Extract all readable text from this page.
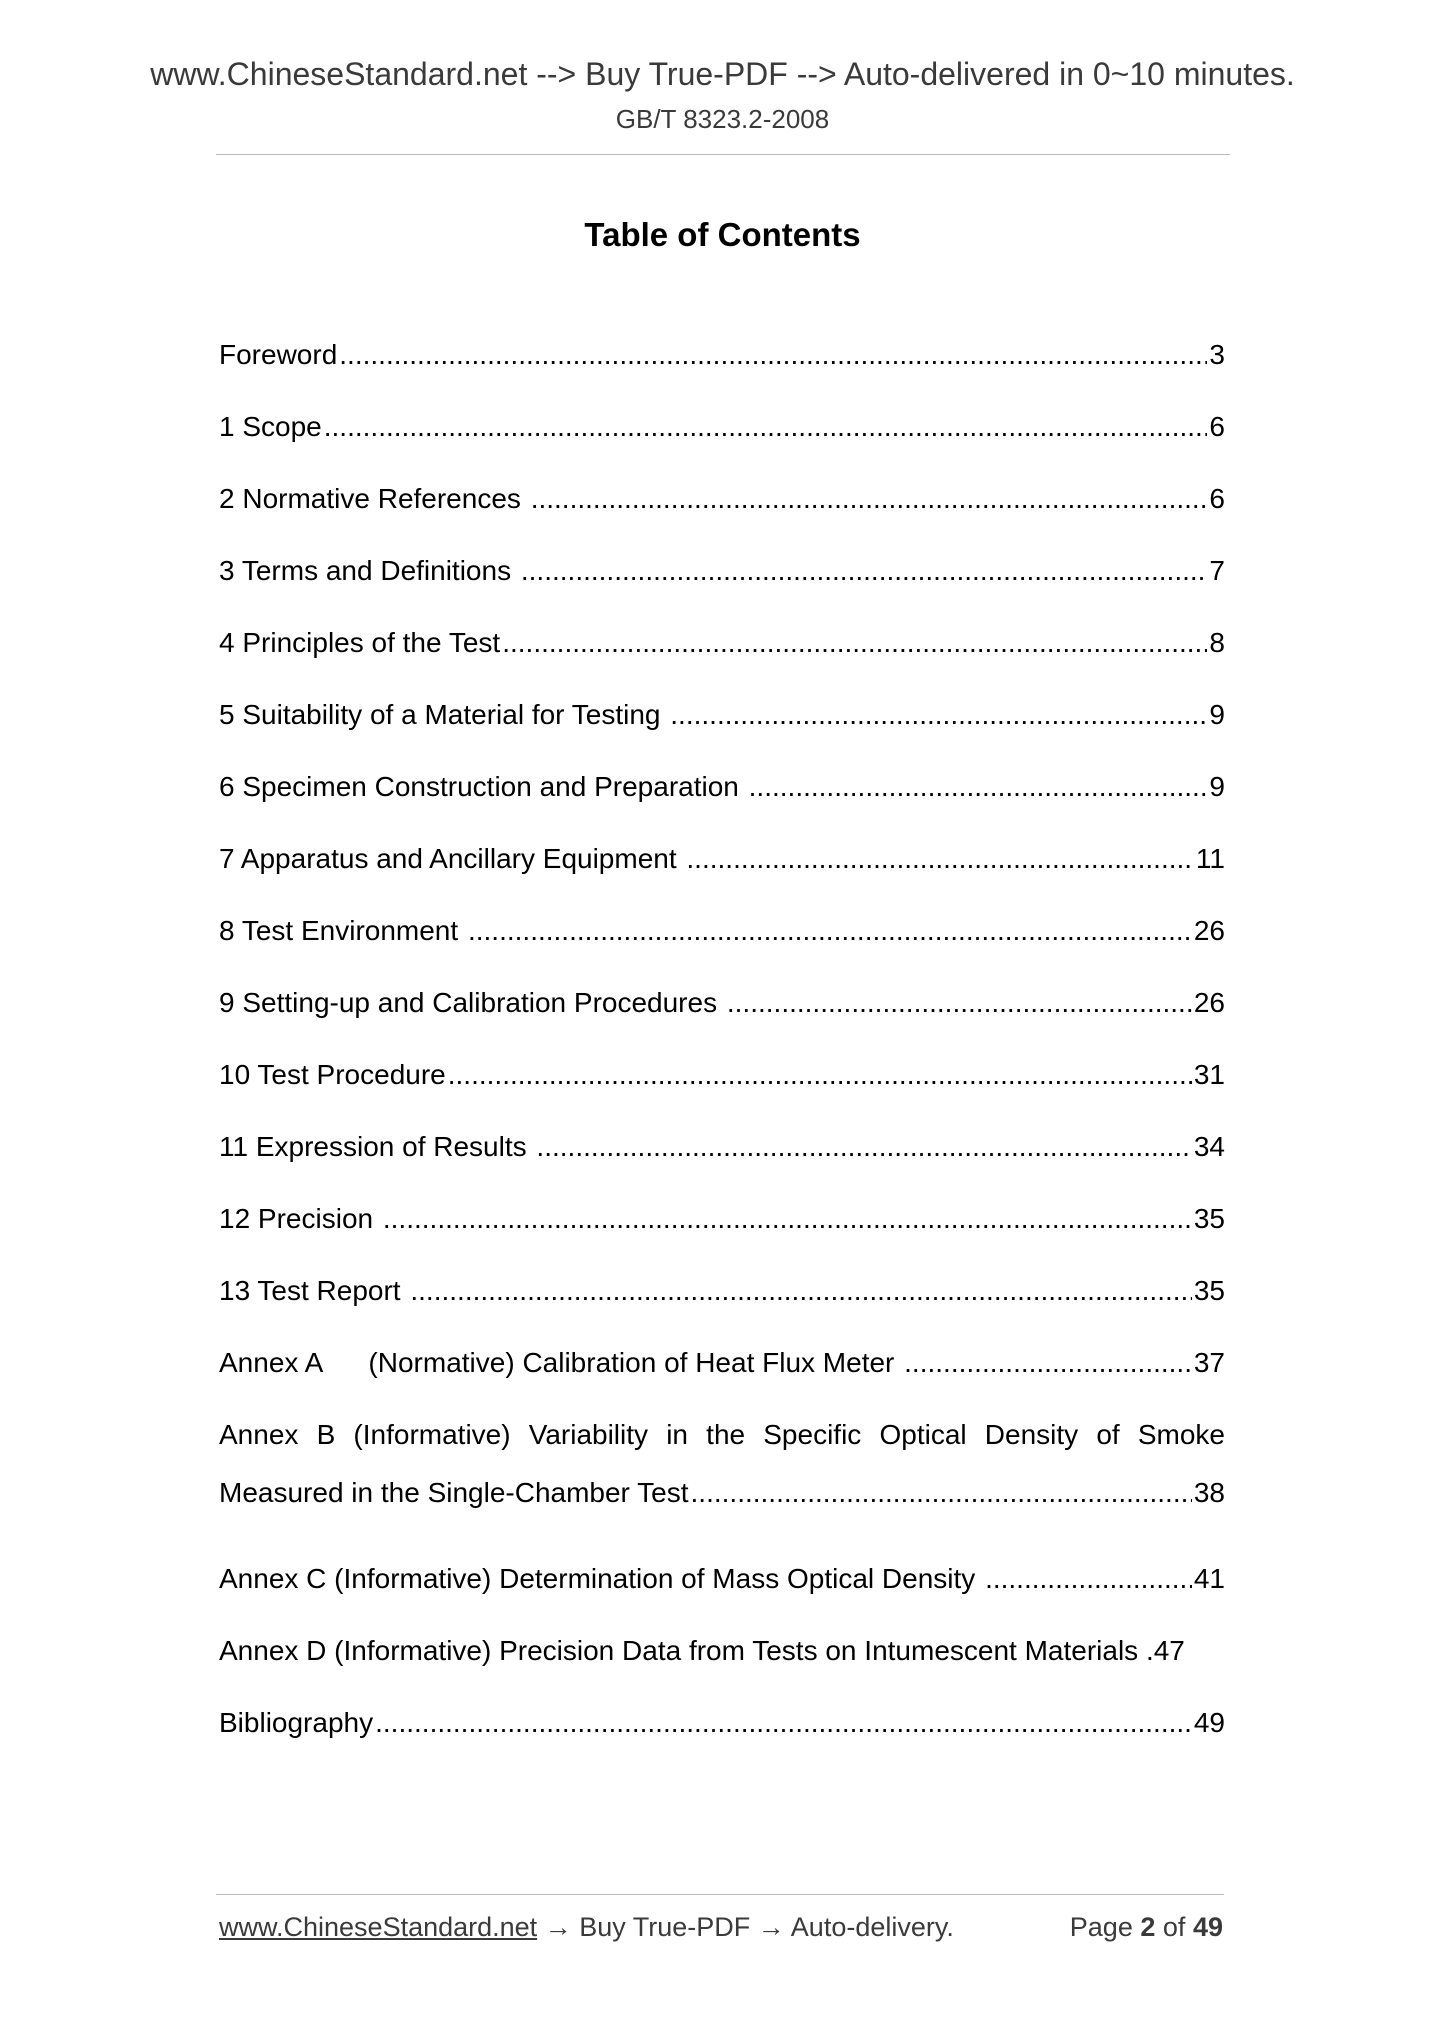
www.ChineseStandard.net --> Buy True-PDF --> Auto-delivered in 0~10 minutes.
GB/T 8323.2-2008
Table of Contents
Foreword .....	3
1 Scope .....	6
2 Normative References .....	6
3 Terms and Definitions .....	7
4 Principles of the Test .....	8
5 Suitability of a Material for Testing .....	9
6 Specimen Construction and Preparation .....	9
7 Apparatus and Ancillary Equipment .....	11
8 Test Environment .....	26
9 Setting-up and Calibration Procedures .....	26
10 Test Procedure .....	31
11 Expression of Results .....	34
12 Precision .....	35
13 Test Report .....	35
Annex A      (Normative) Calibration of Heat Flux Meter .....	37
Annex B (Informative) Variability in the Specific Optical Density of Smoke
Measured in the Single-Chamber Test .....	38
Annex C (Informative) Determination of Mass Optical Density .....	41
Annex D (Informative) Precision Data from Tests on Intumescent Materials .47
Bibliography .....	49
www.ChineseStandard.net → Buy True-PDF → Auto-delivery.	Page 2 of 49
